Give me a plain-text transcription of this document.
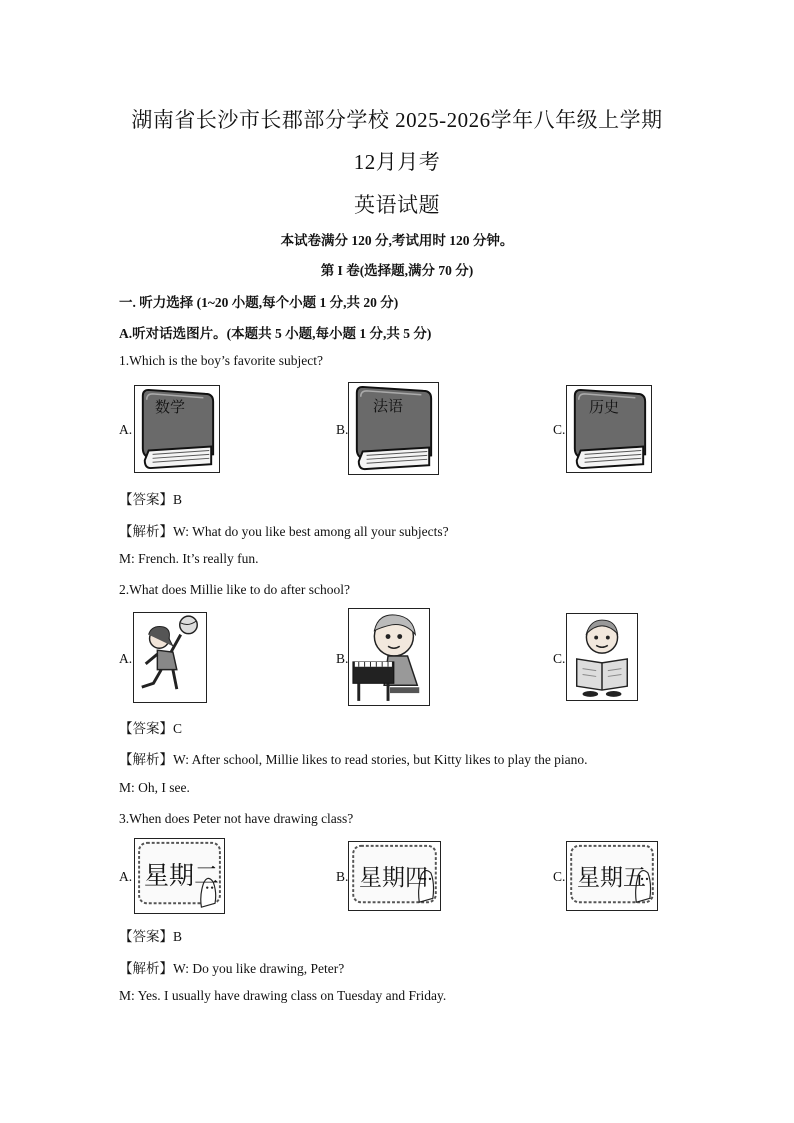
湖南省长沙市长郡部分学校 2025-2026学年八年级上学期
12月月考
英语试题
本试卷满分 120 分,考试用时 120 分钟。
第 I 卷(选择题,满分 70 分)
一. 听力选择 (1~20 小题,每个小题 1 分,共 20 分)
A.听对话选图片。(本题共 5 小题,每小题 1 分,共 5 分)
1.Which is the boy’s favorite subject?
A.
数学
B.
法语
C.
历史
【答案】B
【解析】W: What do you like best among all your subjects?
M: French. It’s really fun.
2.What does Millie like to do after school?
A.	B.	C.
【答案】C
【解析】W: After school, Millie likes to read stories, but Kitty likes to play the piano.
M: Oh, I see.
3.When does Peter not have drawing class?
A. 星期二	B. 星期四	C. 星期五
【答案】B
【解析】W: Do you like drawing, Peter?
M: Yes. I usually have drawing class on Tuesday and Friday.
